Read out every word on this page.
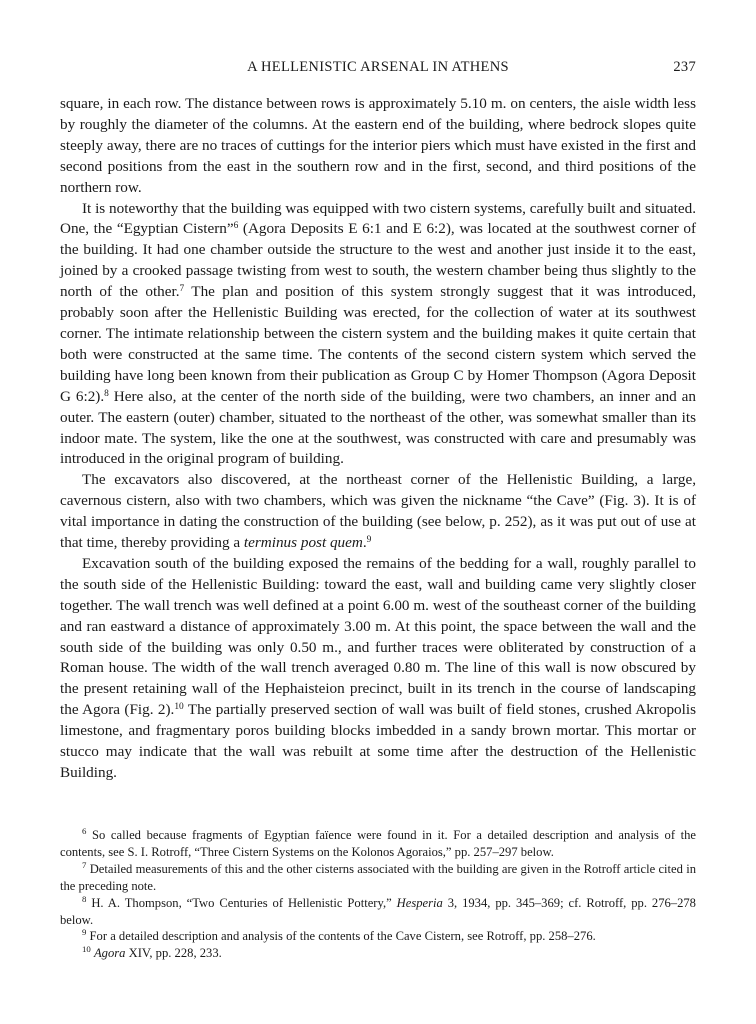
A HELLENISTIC ARSENAL IN ATHENS	237

square, in each row. The distance between rows is approximately 5.10 m. on centers, the aisle width less by roughly the diameter of the columns. At the eastern end of the building, where bedrock slopes quite steeply away, there are no traces of cuttings for the interior piers which must have existed in the first and second positions from the east in the southern row and in the first, second, and third positions of the northern row.

It is noteworthy that the building was equipped with two cistern systems, carefully built and situated. One, the “Egyptian Cistern”$^6$ (Agora Deposits E 6:1 and E 6:2), was located at the southwest corner of the building. It had one chamber outside the structure to the west and another just inside it to the east, joined by a crooked passage twisting from west to south, the western chamber being thus slightly to the north of the other.$^7$ The plan and position of this system strongly suggest that it was introduced, probably soon after the Hellenistic Building was erected, for the collection of water at its southwest corner. The intimate relationship between the cistern system and the building makes it quite certain that both were constructed at the same time. The contents of the second cistern system which served the building have long been known from their publication as Group C by Homer Thompson (Agora Deposit G 6:2).$^8$ Here also, at the center of the north side of the building, were two chambers, an inner and an outer. The eastern (outer) chamber, situated to the northeast of the other, was somewhat smaller than its indoor mate. The system, like the one at the southwest, was constructed with care and presumably was introduced in the original program of building.

The excavators also discovered, at the northeast corner of the Hellenistic Building, a large, cavernous cistern, also with two chambers, which was given the nickname “the Cave” (Fig. 3). It is of vital importance in dating the construction of the building (see below, p. 252), as it was put out of use at that time, thereby providing a terminus post quem.$^9$

Excavation south of the building exposed the remains of the bedding for a wall, roughly parallel to the south side of the Hellenistic Building: toward the east, wall and building came very slightly closer together. The wall trench was well defined at a point 6.00 m. west of the southeast corner of the building and ran eastward a distance of approximately 3.00 m. At this point, the space between the wall and the south side of the building was only 0.50 m., and further traces were obliterated by construction of a Roman house. The width of the wall trench averaged 0.80 m. The line of this wall is now obscured by the present retaining wall of the Hephaisteion precinct, built in its trench in the course of landscaping the Agora (Fig. 2).$^{10}$ The partially preserved section of wall was built of field stones, crushed Akropolis limestone, and fragmentary poros building blocks imbedded in a sandy brown mortar. This mortar or stucco may indicate that the wall was rebuilt at some time after the destruction of the Hellenistic Building.

$^6$ So called because fragments of Egyptian faïence were found in it. For a detailed description and analysis of the contents, see S. I. Rotroff, “Three Cistern Systems on the Kolonos Agoraios,” pp. 257–297 below.

$^7$ Detailed measurements of this and the other cisterns associated with the building are given in the Rotroff article cited in the preceding note.

$^8$ H. A. Thompson, “Two Centuries of Hellenistic Pottery,” Hesperia 3, 1934, pp. 345–369; cf. Rotroff, pp. 276–278 below.

$^9$ For a detailed description and analysis of the contents of the Cave Cistern, see Rotroff, pp. 258–276.

$^{10}$ Agora XIV, pp. 228, 233.
